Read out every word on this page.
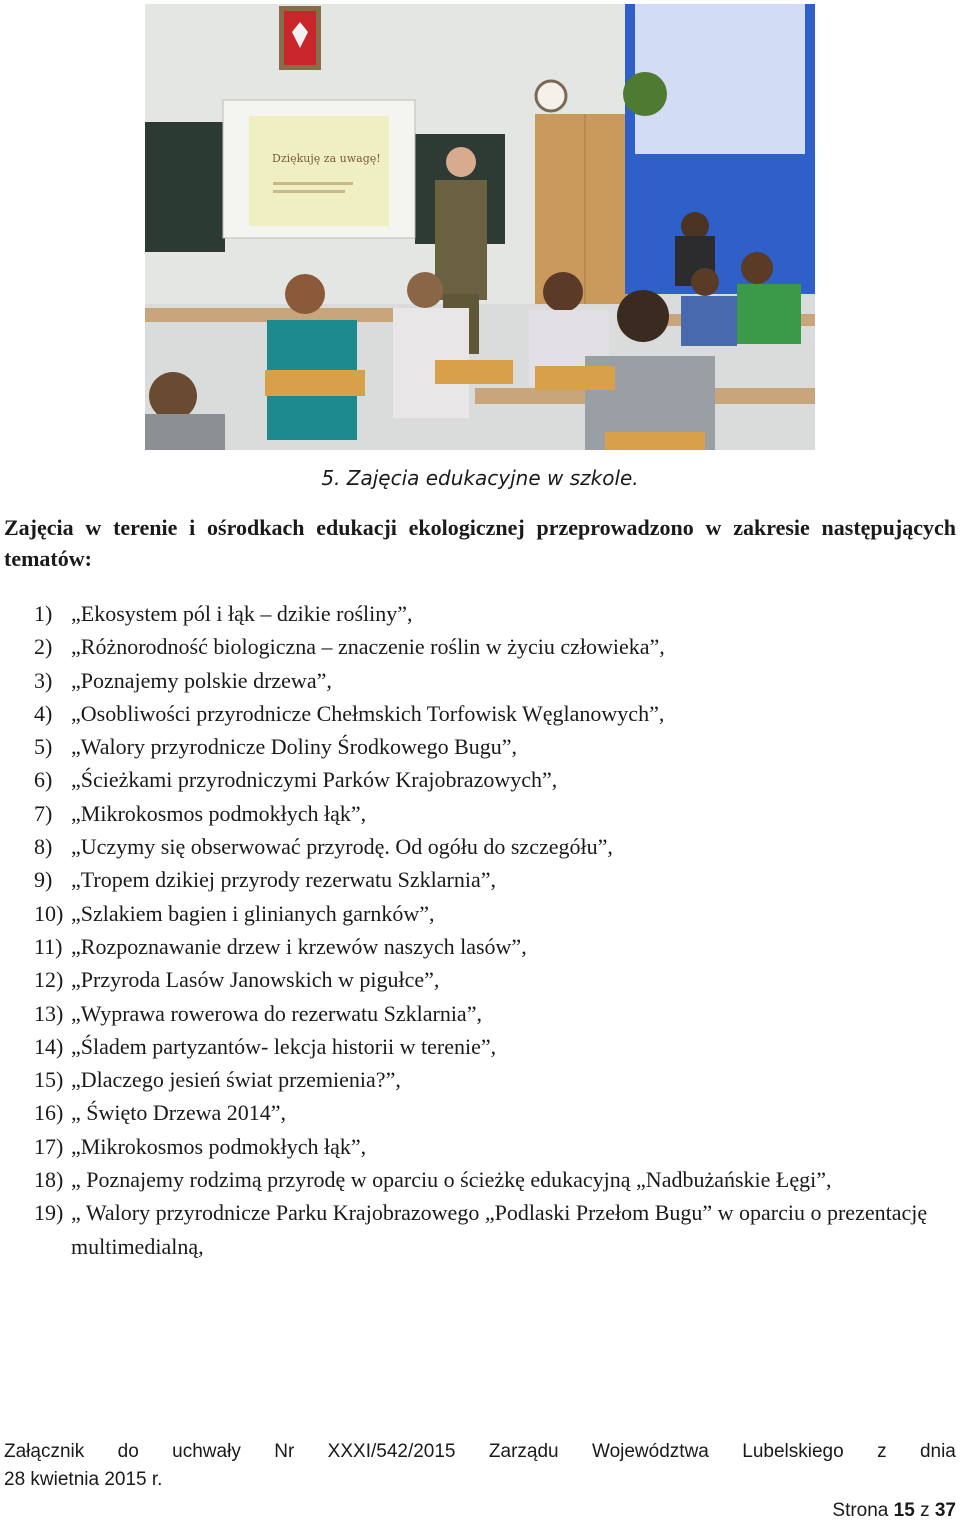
Dziękuję za uwagę!
5. Zajęcia edukacyjne w szkole.
Zajęcia w terenie i ośrodkach edukacji ekologicznej przeprowadzono w zakresie następujących tematów:
1) „Ekosystem pól i łąk – dzikie rośliny”,
2) „Różnorodność biologiczna – znaczenie roślin w życiu człowieka”,
3) „Poznajemy polskie drzewa”,
4) „Osobliwości przyrodnicze Chełmskich Torfowisk Węglanowych”,
5) „Walory przyrodnicze Doliny Środkowego Bugu”,
6) „Ścieżkami przyrodniczymi Parków Krajobrazowych”,
7) „Mikrokosmos podmokłych łąk”,
8) „Uczymy się obserwować przyrodę. Od ogółu do szczegółu”,
9) „Tropem dzikiej przyrody rezerwatu Szklarnia”,
10) „Szlakiem bagien i glinianych garnków”,
11) „Rozpoznawanie drzew i krzewów naszych lasów”,
12) „Przyroda Lasów Janowskich w pigułce”,
13) „Wyprawa rowerowa do rezerwatu Szklarnia”,
14) „Śladem partyzantów- lekcja historii w terenie”,
15) „Dlaczego jesień świat przemienia?”,
16) „ Święto Drzewa 2014”,
17) „Mikrokosmos podmokłych łąk”,
18) „ Poznajemy rodzimą przyrodę w oparciu o ścieżkę edukacyjną „Nadbużańskie Łęgi”,
19) „ Walory przyrodnicze Parku Krajobrazowego „Podlaski Przełom Bugu” w oparciu o prezentację multimedialną,
Załącznik do uchwały Nr XXXI/542/2015 Zarządu Województwa Lubelskiego z dnia
28 kwietnia 2015 r.
Strona 15 z 37
